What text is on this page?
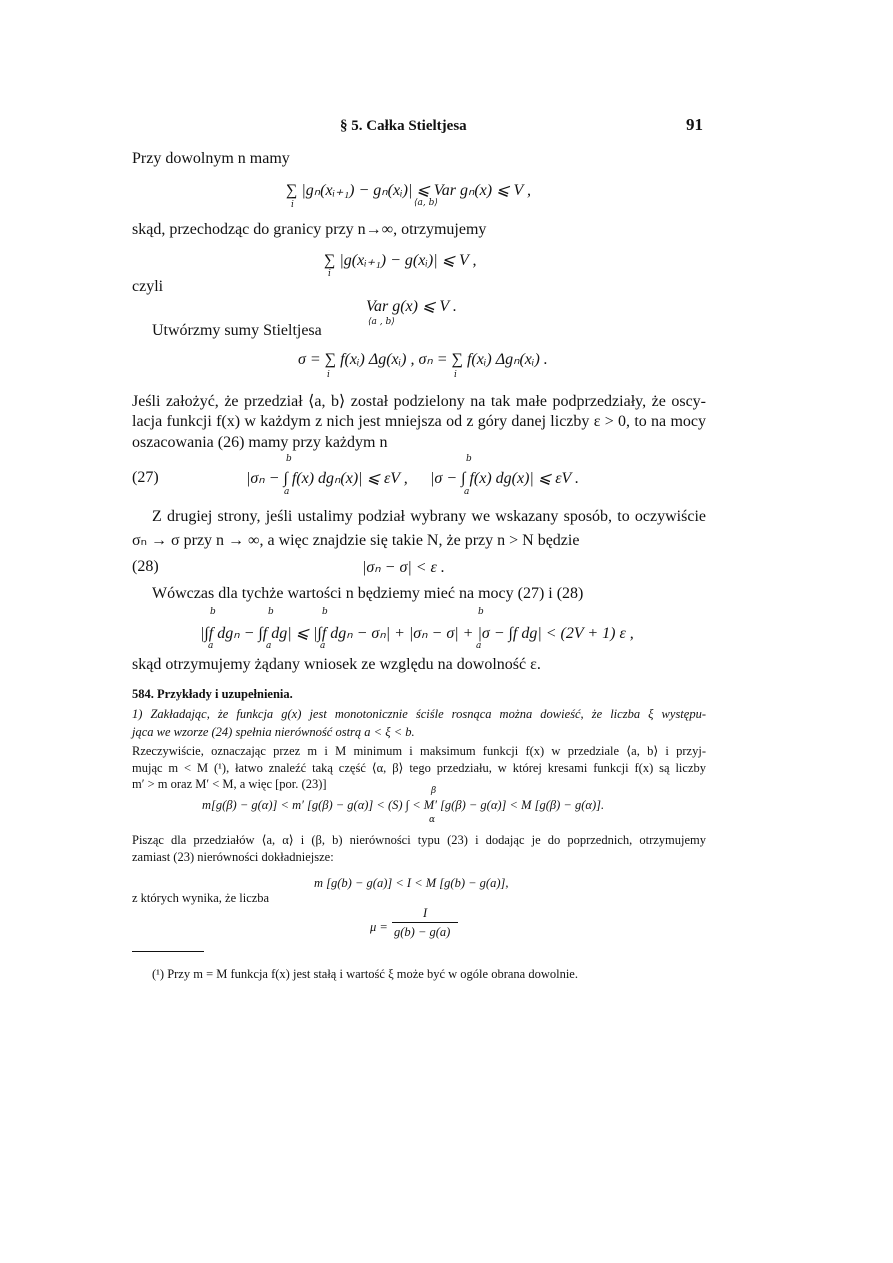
§ 5. Całka Stieltjesa	91
Przy dowolnym n mamy
∑ |gₙ(xᵢ₊₁) − gₙ(xᵢ)| ⩽ Var gₙ(x) ⩽ V ,
i	⟨a, b⟩
skąd, przechodząc do granicy przy n→∞, otrzymujemy
∑ |g(xᵢ₊₁) − g(xᵢ)| ⩽ V ,
i
czyli
Var g(x) ⩽ V .
⟨a , b⟩
Utwórzmy sumy Stieltjesa
σ = ∑ f(xᵢ) Δg(xᵢ) , σₙ = ∑ f(xᵢ) Δgₙ(xᵢ) .
i	i
Jeśli założyć, że przedział ⟨a, b⟩ został podzielony na tak małe podprzedziały, że oscy-
lacja funkcji f(x) w każdym z nich jest mniejsza od z góry danej liczby ε > 0, to na mocy
oszacowania (26) mamy przy każdym n
(27)	|σₙ − ∫ f(x) dgₙ(x)| ⩽ εV , |σ − ∫ f(x) dg(x)| ⩽ εV .
b
a
b
a
Z drugiej strony, jeśli ustalimy podział wybrany we wskazany sposób, to oczywiście
σₙ → σ przy n → ∞, a więc znajdzie się takie N, że przy n > N będzie
(28)	|σₙ − σ| < ε .
Wówczas dla tychże wartości n będziemy mieć na mocy (27) i (28)
|∫f dgₙ − ∫f dg| ⩽ |∫f dgₙ − σₙ| + |σₙ − σ| + |σ − ∫f dg| < (2V + 1) ε ,
b
a
b
a
b
a
b
a
skąd otrzymujemy żądany wniosek ze względu na dowolność ε.
584. Przykłady i uzupełnienia.
1) Zakładając, że funkcja g(x) jest monotonicznie ściśle rosnąca można dowieść, że liczba ξ występu-
jąca we wzorze (24) spełnia nierówność ostrą a < ξ < b.
Rzeczywiście, oznaczając przez m i M minimum i maksimum funkcji f(x) w przedziale ⟨a, b⟩ i przyj-
mując m < M (¹), łatwo znaleźć taką część ⟨α, β⟩ tego przedziału, w której kresami funkcji f(x) są liczby
m′ > m oraz M′ < M, a więc [por. (23)]
m[g(β) − g(α)] < m′ [g(β) − g(α)] < (S) ∫ < M′ [g(β) − g(α)] < M [g(β) − g(α)].
β
α
Pisząc dla przedziałów ⟨a, α⟩ i (β, b) nierówności typu (23) i dodając je do poprzednich, otrzymujemy
zamiast (23) nierówności dokładniejsze:
m [g(b) − g(a)] < I < M [g(b) − g(a)],
z których wynika, że liczba
μ =
I
g(b) − g(a)
(¹) Przy m = M funkcja f(x) jest stałą i wartość ξ może być w ogóle obrana dowolnie.
